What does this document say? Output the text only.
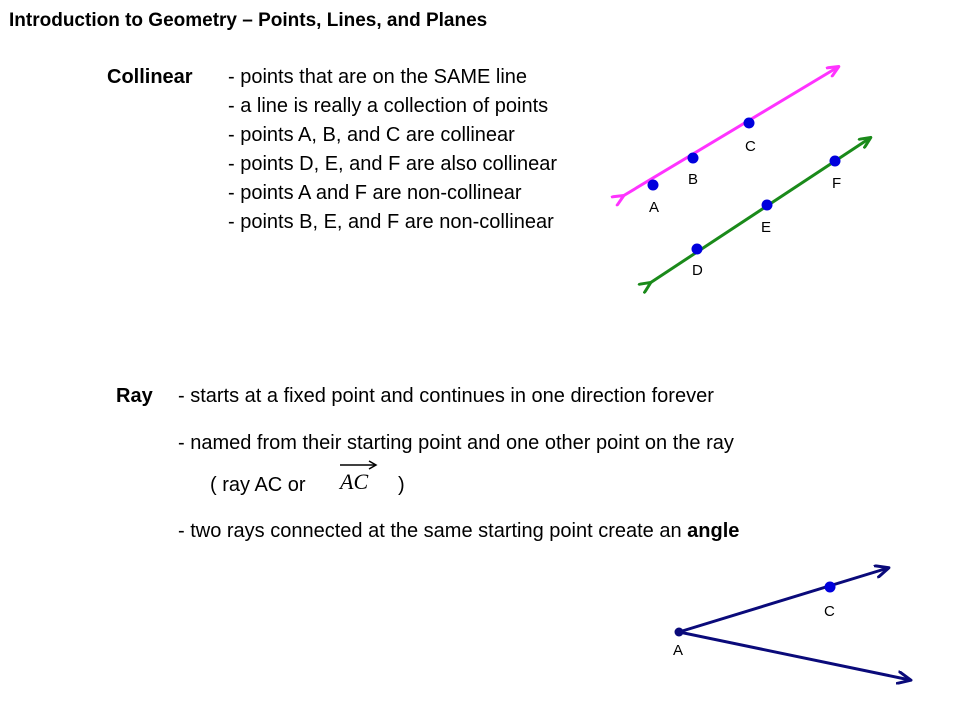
Introduction to Geometry – Points, Lines, and Planes
Collinear - points that are on the SAME line
- a line is really a collection of points
- points A, B, and C are collinear
- points D, E, and F are also collinear
- points A and F are non-collinear
- points B, E, and F are non-collinear
A
B
C
D
E
F
Ray - starts at a fixed point and continues in one direction forever
- named from their starting point and one other point on the ray
( ray AC or AC )
- two rays connected at the same starting point create an angle
A
C
